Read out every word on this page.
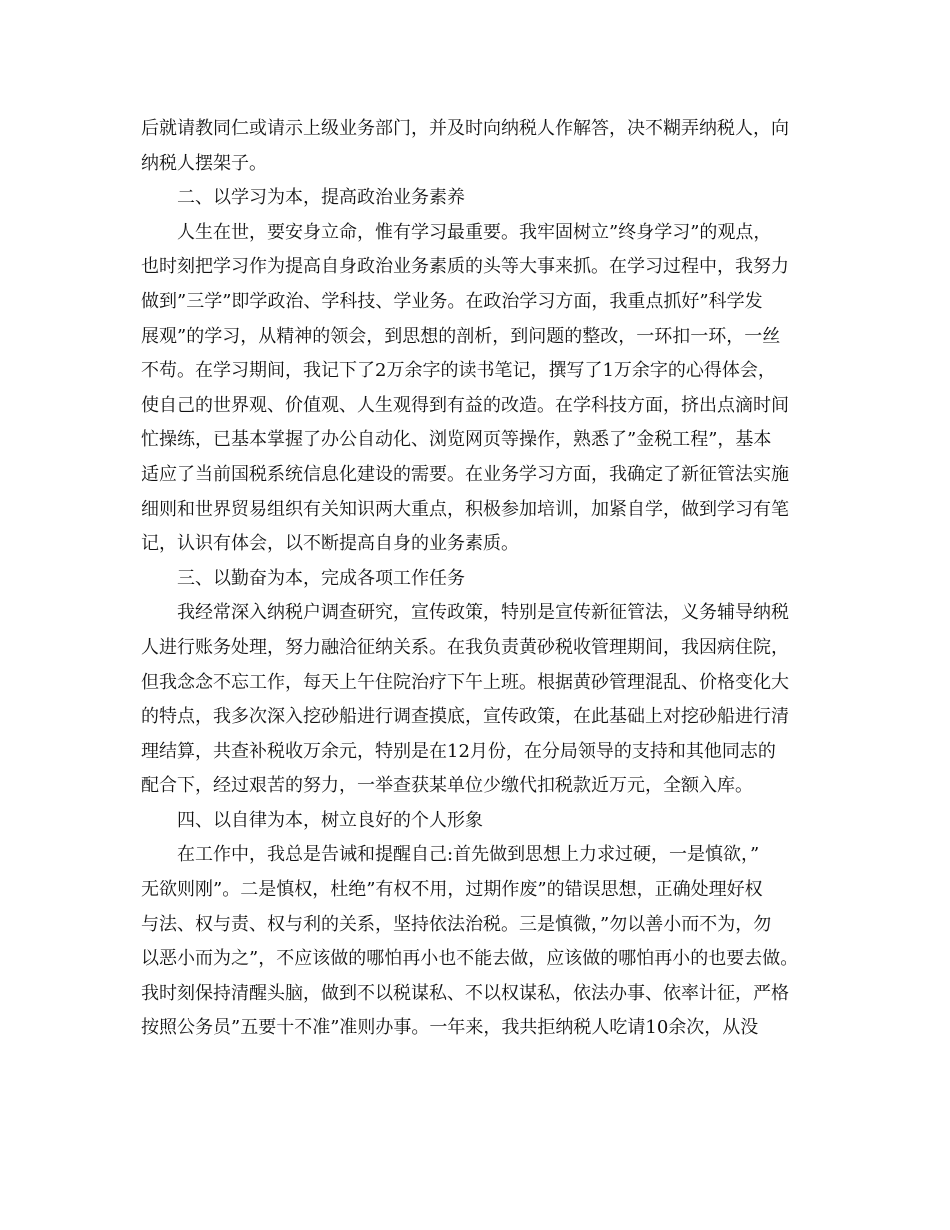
后就请教同仁或请示上级业务部门，并及时向纳税人作解答，决不糊弄纳税人，向
纳税人摆架子。
二、以学习为本，提高政治业务素养
人生在世，要安身立命，惟有学习最重要。我牢固树立”终身学习”的观点，
也时刻把学习作为提高自身政治业务素质的头等大事来抓。在学习过程中，我努力
做到”三学”即学政治、学科技、学业务。在政治学习方面，我重点抓好”科学发
展观”的学习，从精神的领会，到思想的剖析，到问题的整改，一环扣一环，一丝
不苟。在学习期间，我记下了2万余字的读书笔记，撰写了1万余字的心得体会，
使自己的世界观、价值观、人生观得到有益的改造。在学科技方面，挤出点滴时间
忙操练，已基本掌握了办公自动化、浏览网页等操作，熟悉了”金税工程”，基本
适应了当前国税系统信息化建设的需要。在业务学习方面，我确定了新征管法实施
细则和世界贸易组织有关知识两大重点，积极参加培训，加紧自学，做到学习有笔
记，认识有体会，以不断提高自身的业务素质。
三、以勤奋为本，完成各项工作任务
我经常深入纳税户调查研究，宣传政策，特别是宣传新征管法，义务辅导纳税
人进行账务处理，努力融洽征纳关系。在我负责黄砂税收管理期间，我因病住院，
但我念念不忘工作，每天上午住院治疗下午上班。根据黄砂管理混乱、价格变化大
的特点，我多次深入挖砂船进行调查摸底，宣传政策，在此基础上对挖砂船进行清
理结算，共查补税收万余元，特别是在12月份，在分局领导的支持和其他同志的
配合下，经过艰苦的努力，一举查获某单位少缴代扣税款近万元，全额入库。
四、以自律为本，树立良好的个人形象
在工作中，我总是告诫和提醒自己:首先做到思想上力求过硬，一是慎欲，”
无欲则刚”。二是慎权，杜绝”有权不用，过期作废”的错误思想，正确处理好权
与法、权与责、权与利的关系，坚持依法治税。三是慎微，”勿以善小而不为，勿
以恶小而为之”，不应该做的哪怕再小也不能去做，应该做的哪怕再小的也要去做。
我时刻保持清醒头脑，做到不以税谋私、不以权谋私，依法办事、依率计征，严格
按照公务员”五要十不准”准则办事。一年来，我共拒纳税人吃请10余次，从没
